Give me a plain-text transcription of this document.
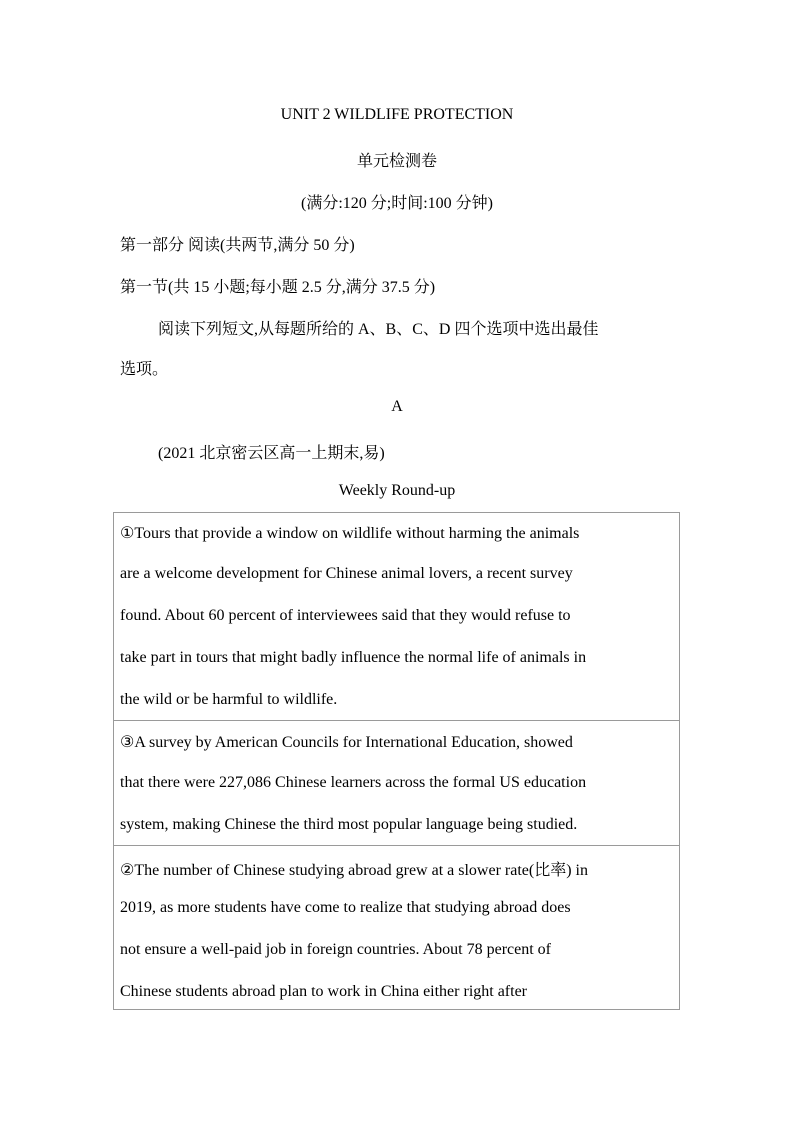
UNIT 2 WILDLIFE PROTECTION
单元检测卷
(满分:120 分;时间:100 分钟)
第一部分 阅读(共两节,满分 50 分)
第一节(共 15 小题;每小题 2.5 分,满分 37.5 分)
阅读下列短文,从每题所给的 A、B、C、D 四个选项中选出最佳
选项。
A
(2021 北京密云区高一上期末,易)
Weekly Round-up
①Tours that provide a window on wildlife without harming the animals
are a welcome development for Chinese animal lovers, a recent survey
found. About 60 percent of interviewees said that they would refuse to
take part in tours that might badly influence the normal life of animals in
the wild or be harmful to wildlife.
③A survey by American Councils for International Education, showed
that there were 227,086 Chinese learners across the formal US education
system, making Chinese the third most popular language being studied.
②The number of Chinese studying abroad grew at a slower rate(比率) in
2019, as more students have come to realize that studying abroad does
not ensure a well-paid job in foreign countries. About 78 percent of
Chinese students abroad plan to work in China either right after
